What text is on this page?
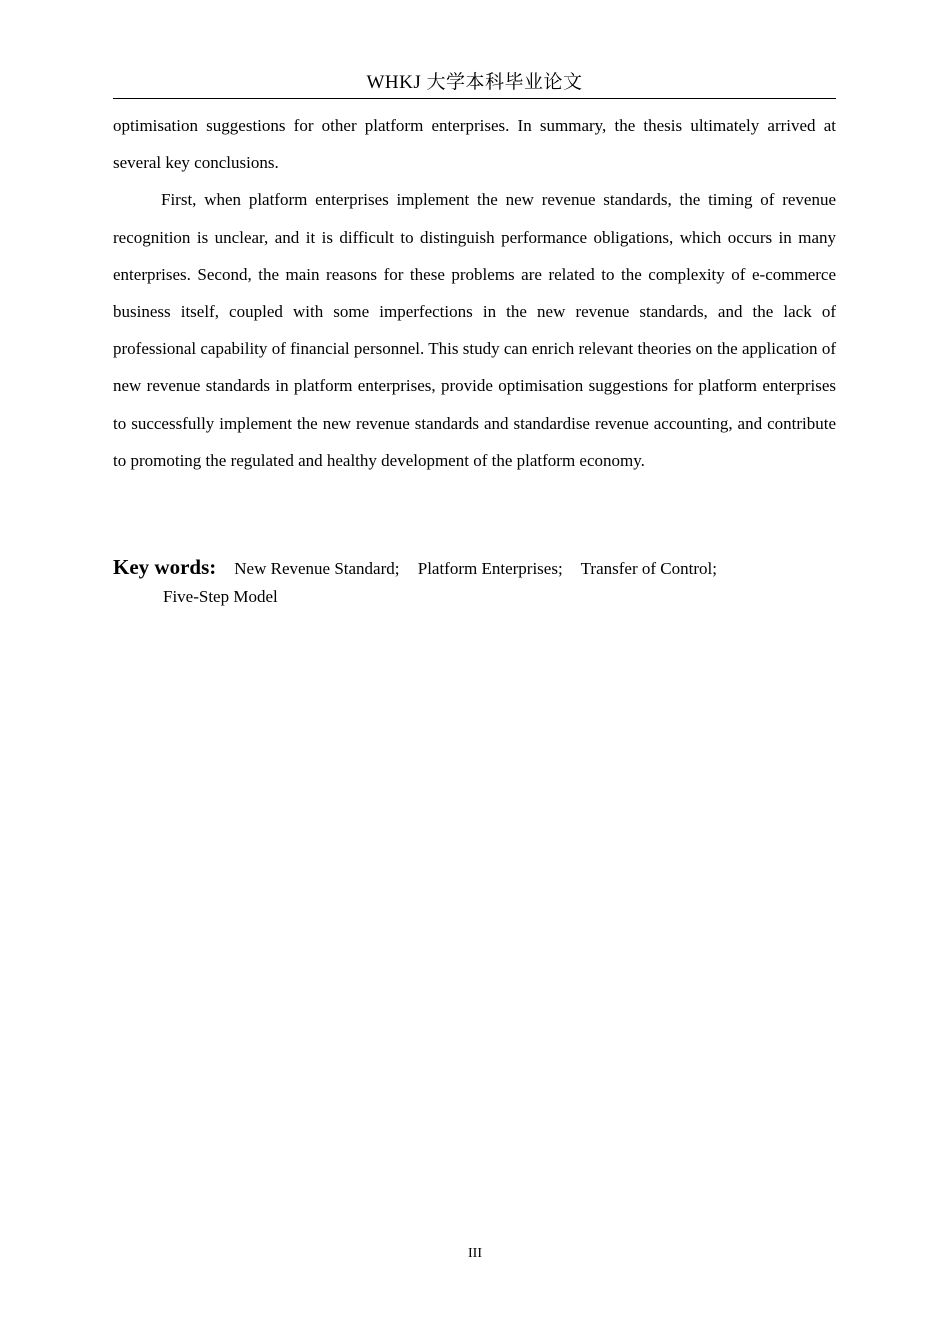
WHKJ 大学本科毕业论文

optimisation suggestions for other platform enterprises. In summary, the thesis ultimately arrived at several key conclusions.

First, when platform enterprises implement the new revenue standards, the timing of revenue recognition is unclear, and it is difficult to distinguish performance obligations, which occurs in many enterprises. Second, the main reasons for these problems are related to the complexity of e-commerce business itself, coupled with some imperfections in the new revenue standards, and the lack of professional capability of financial personnel. This study can enrich relevant theories on the application of new revenue standards in platform enterprises, provide optimisation suggestions for platform enterprises to successfully implement the new revenue standards and standardise revenue accounting, and contribute to promoting the regulated and healthy development of the platform economy.

Key words: New Revenue Standard; Platform Enterprises; Transfer of Control;
Five-Step Model
III
